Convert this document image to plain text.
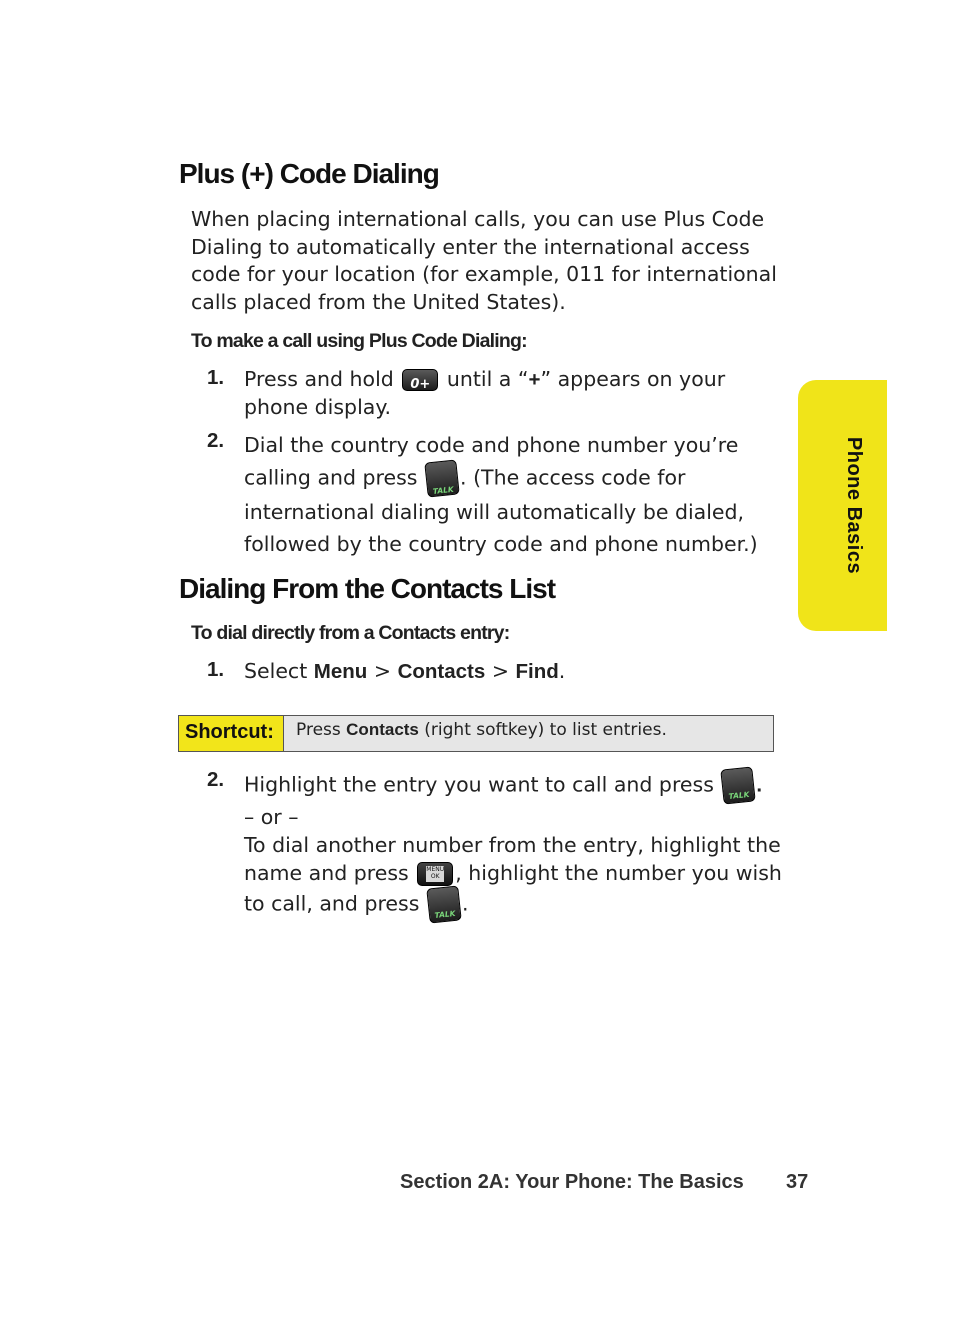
Plus (+) Code Dialing
When placing international calls, you can use Plus Code Dialing to automatically enter the international access code for your location (for example, 011 for international calls placed from the United States).
To make a call using Plus Code Dialing:
1. Press and hold	0+ until a “+” appears on your phone display.
2. Dial the country code and phone number you’re calling and press
TALK
. (The access code for international dialing will automatically be dialed, followed by the country code and phone number.)
Dialing From the Contacts List
To dial directly from a Contacts entry:
1. Select Menu > Contacts > Find.
Shortcut:	Press Contacts (right softkey) to list entries.
2. Highlight the entry you want to call and press	TALK .
– or –
To dial another number from the entry, highlight the name and press	MENU OK , highlight the number you wish to call, and press	TALK .
Phone Basics
Section 2A: Your Phone: The Basics 37
